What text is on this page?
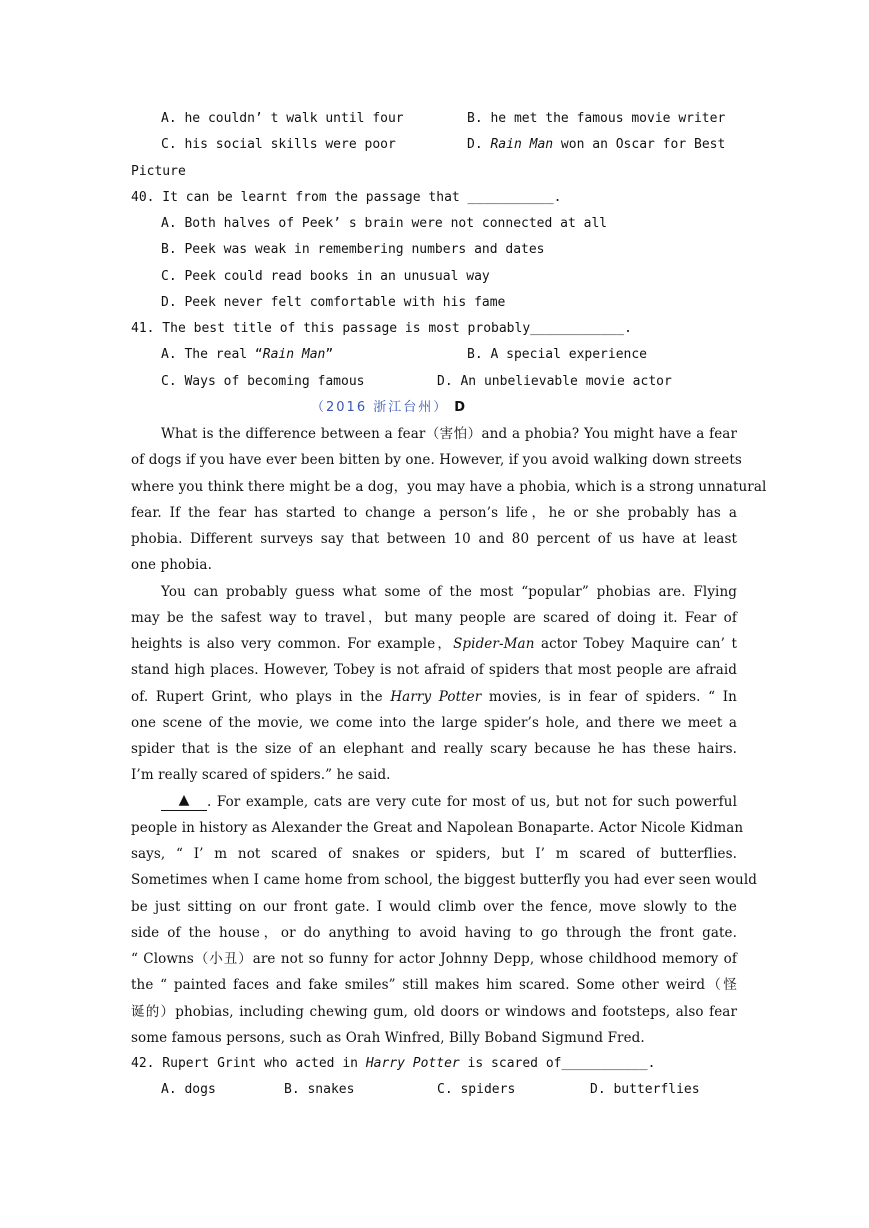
A. he couldn’ t walk until four	B. he met the famous movie writer
C. his social skills were poor	D. Rain Man won an Oscar for Best
Picture
40. It can be learnt from the passage that ___________.
A. Both halves of Peek’ s brain were not connected at all
B. Peek was weak in remembering numbers and dates
C. Peek could read books in an unusual way
D. Peek never felt comfortable with his fame
41. The best title of this passage is most probably____________.
A. The real “Rain Man”	B. A special experience
C. Ways of becoming famous	D. An unbelievable movie actor
（2016 浙江台州） D
What is the difference between a fear（害怕）and a phobia? You might have a fear
of dogs if you have ever been bitten by one. However, if you avoid walking down streets
where you think there might be a dog，you may have a phobia, which is a strong unnatural
fear. If the fear has started to change a person’s life，he or she probably has a
phobia. Different surveys say that between 10 and 80 percent of us have at least
one phobia.
You can probably guess what some of the most “popular” phobias are. Flying
may be the safest way to travel，but many people are scared of doing it. Fear of
heights is also very common. For example，Spider-Man actor Tobey Maquire can’ t
stand high places. However, Tobey is not afraid of spiders that most people are afraid
of. Rupert Grint, who plays in the Harry Potter movies, is in fear of spiders. “ In
one scene of the movie, we come into the large spider’s hole, and there we meet a
spider that is the size of an elephant and really scary because he has these hairs.
I’m really scared of spiders.” he said.
▲	. For example, cats are very cute for most of us, but not for such powerful
people in history as Alexander the Great and Napolean Bonaparte. Actor Nicole Kidman
says, “ I’ m not scared of snakes or spiders, but I’ m scared of butterflies.
Sometimes when I came home from school, the biggest butterfly you had ever seen would
be just sitting on our front gate. I would climb over the fence, move slowly to the
side of the house，or do anything to avoid having to go through the front gate.
“ Clowns（小丑）are not so funny for actor Johnny Depp, whose childhood memory of
the “ painted faces and fake smiles” still makes him scared. Some other weird（怪
诞的）phobias, including chewing gum, old doors or windows and footsteps, also fear
some famous persons, such as Orah Winfred, Billy Boband Sigmund Fred.
42. Rupert Grint who acted in Harry Potter is scared of___________.
A. dogs	B. snakes	C. spiders	D. butterflies
